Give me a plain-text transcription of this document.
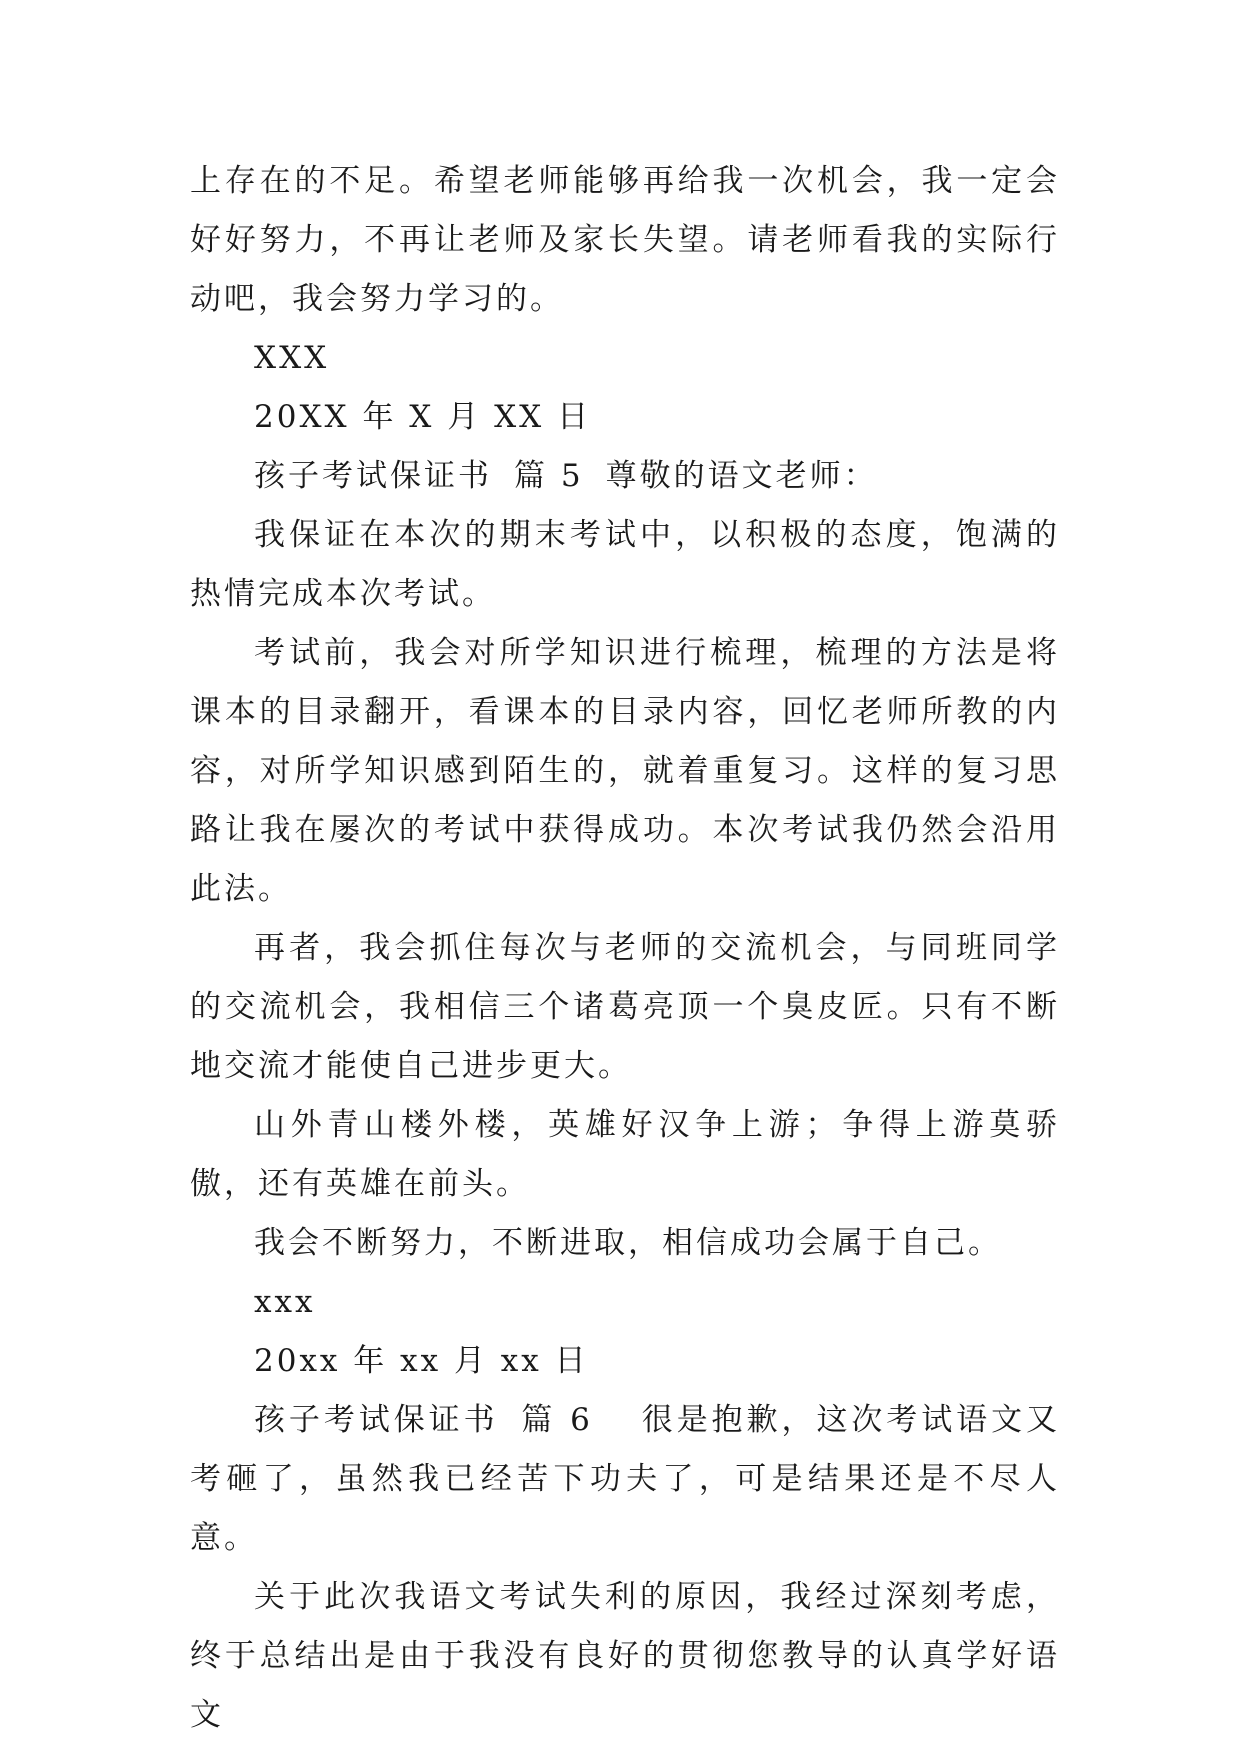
上存在的不足。希望老师能够再给我一次机会，我一定会好好努力，不再让老师及家长失望。请老师看我的实际行动吧，我会努力学习的。

XXX

20XX 年 X 月 XX 日

孩子考试保证书 篇 5 尊敬的语文老师：

我保证在本次的期末考试中，以积极的态度，饱满的热情完成本次考试。

考试前，我会对所学知识进行梳理，梳理的方法是将课本的目录翻开，看课本的目录内容，回忆老师所教的内容，对所学知识感到陌生的，就着重复习。这样的复习思路让我在屡次的考试中获得成功。本次考试我仍然会沿用此法。

再者，我会抓住每次与老师的交流机会，与同班同学的交流机会，我相信三个诸葛亮顶一个臭皮匠。只有不断地交流才能使自己进步更大。

山外青山楼外楼，英雄好汉争上游；争得上游莫骄傲，还有英雄在前头。

我会不断努力，不断进取，相信成功会属于自己。

xxx

20xx 年 xx 月 xx 日

孩子考试保证书 篇 6 很是抱歉，这次考试语文又考砸了，虽然我已经苦下功夫了，可是结果还是不尽人意。

关于此次我语文考试失利的原因，我经过深刻考虑，终于总结出是由于我没有良好的贯彻您教导的认真学好语文
